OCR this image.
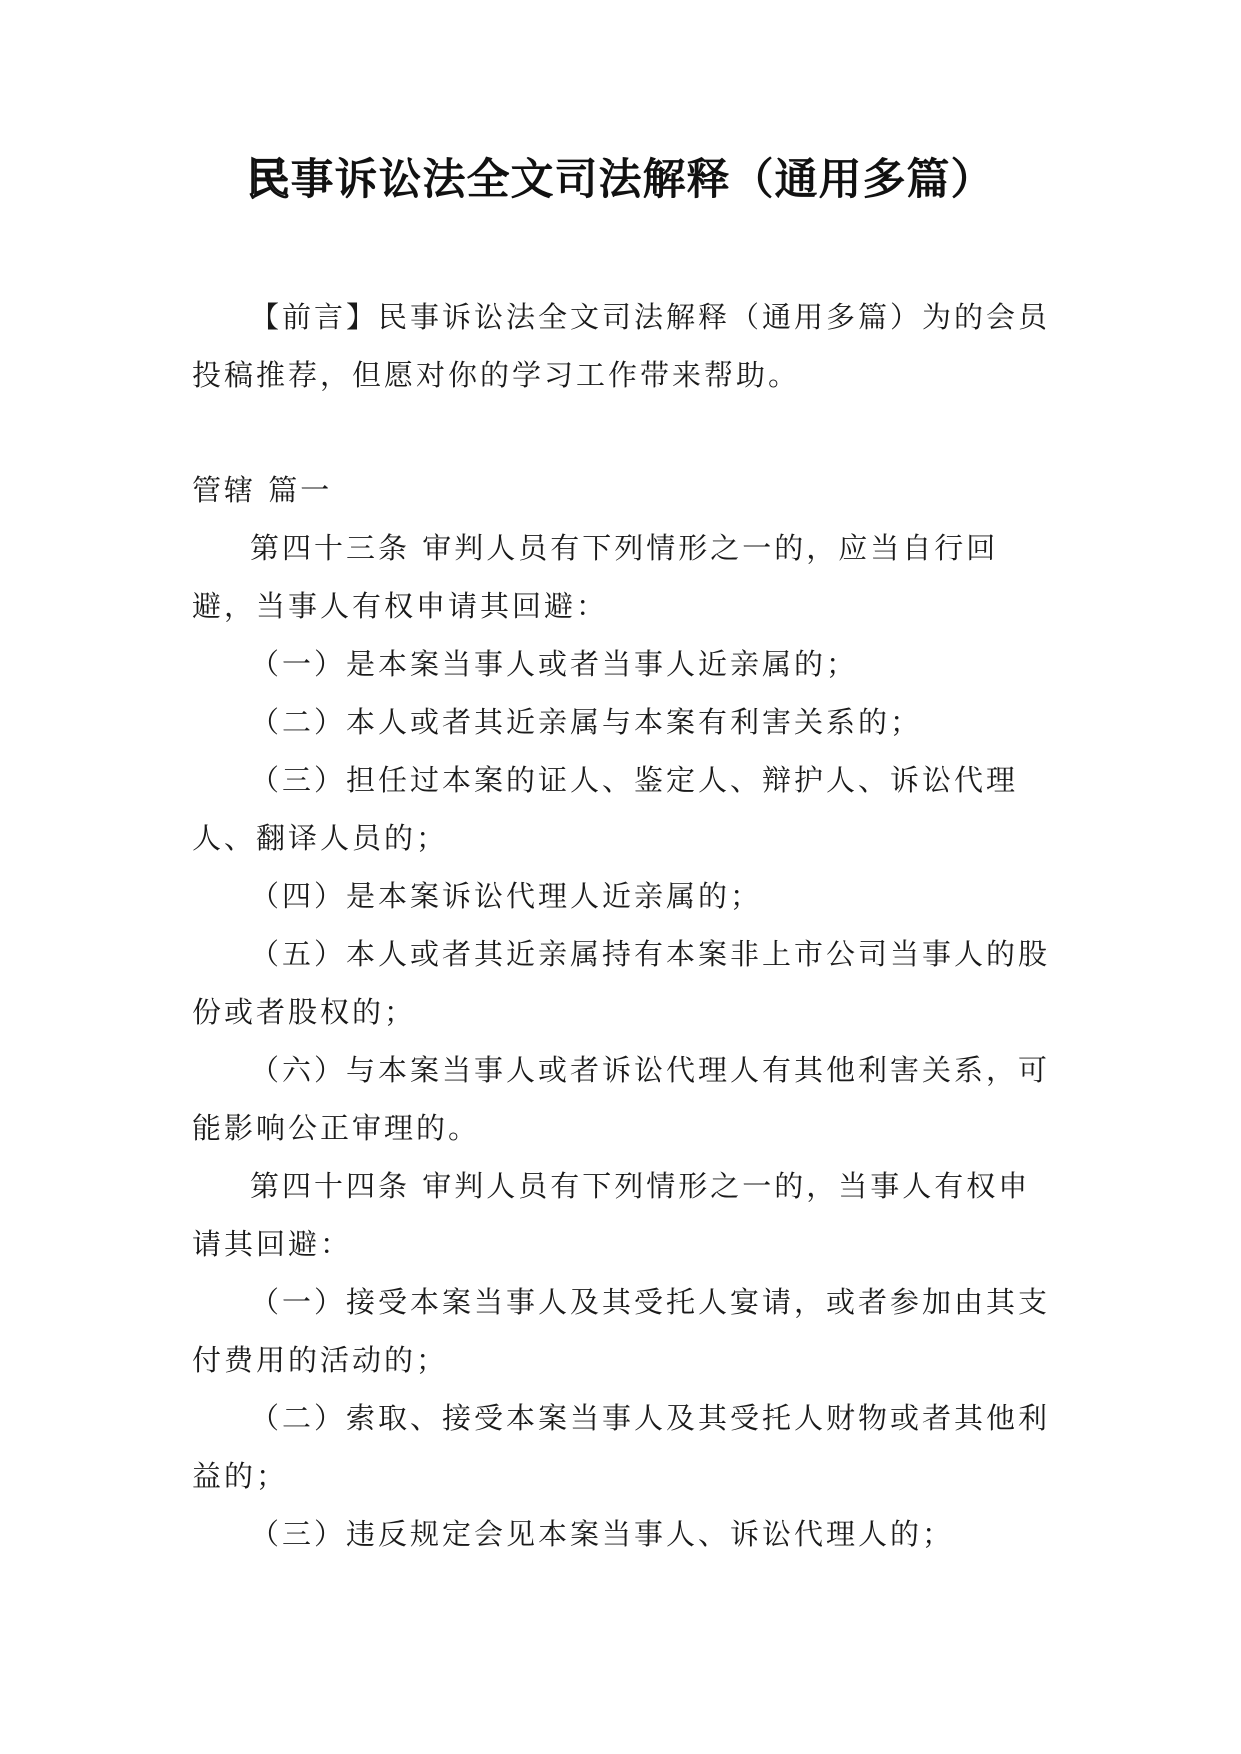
民事诉讼法全文司法解释（通用多篇）

【前言】民事诉讼法全文司法解释（通用多篇）为的会员投稿推荐，但愿对你的学习工作带来帮助。

管辖 篇一

第四十三条 审判人员有下列情形之一的，应当自行回避，当事人有权申请其回避：

（一）是本案当事人或者当事人近亲属的；

（二）本人或者其近亲属与本案有利害关系的；

（三）担任过本案的证人、鉴定人、辩护人、诉讼代理人、翻译人员的；

（四）是本案诉讼代理人近亲属的；

（五）本人或者其近亲属持有本案非上市公司当事人的股份或者股权的；

（六）与本案当事人或者诉讼代理人有其他利害关系，可能影响公正审理的。

第四十四条 审判人员有下列情形之一的，当事人有权申请其回避：

（一）接受本案当事人及其受托人宴请，或者参加由其支付费用的活动的；

（二）索取、接受本案当事人及其受托人财物或者其他利益的；

（三）违反规定会见本案当事人、诉讼代理人的；
